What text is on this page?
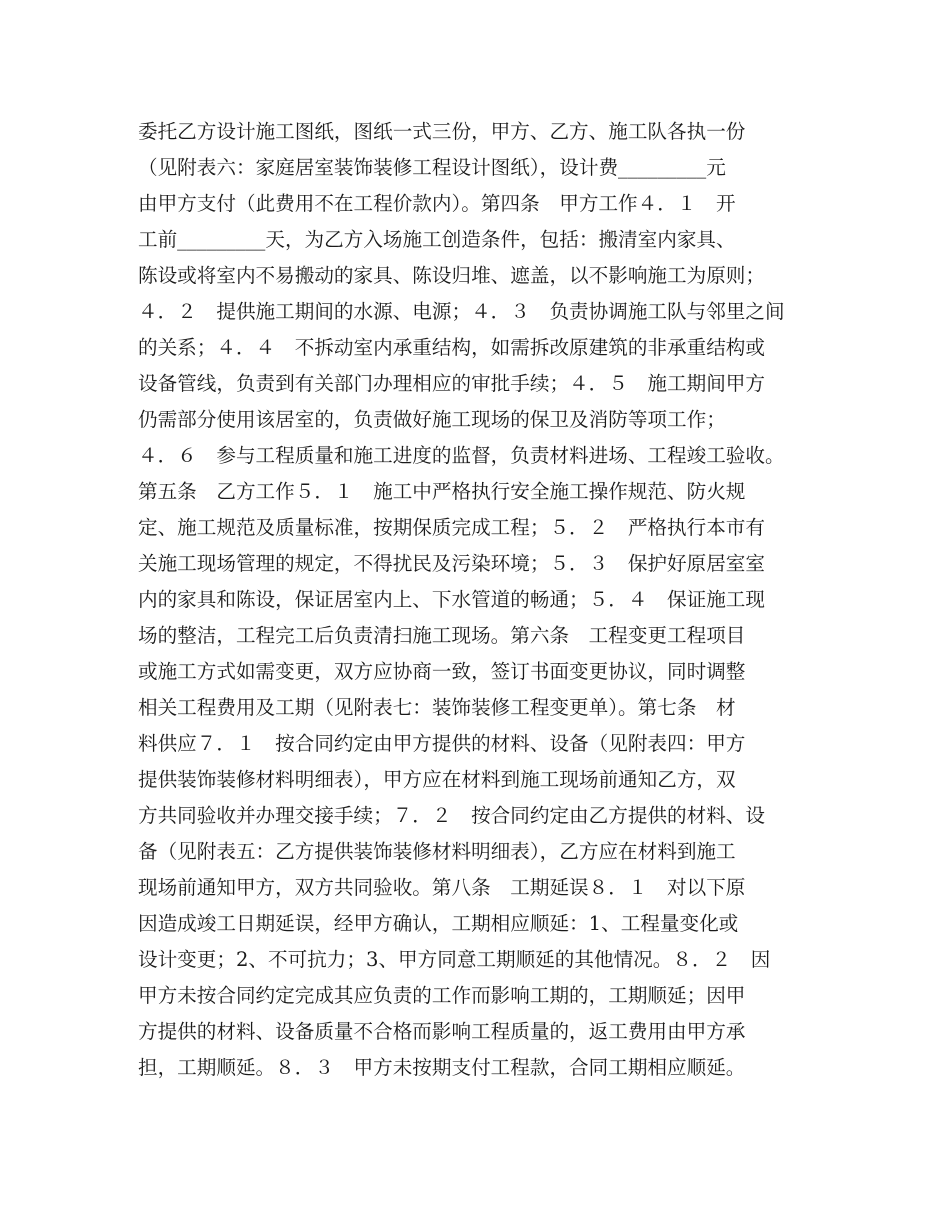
委托乙方设计施工图纸，图纸一式三份，甲方、乙方、施工队各执一份
（见附表六：家庭居室装饰装修工程设计图纸），设计费_________元
由甲方支付（此费用不在工程价款内）。第四条　甲方工作４．１　开
工前_________天，为乙方入场施工创造条件，包括：搬清室内家具、
陈设或将室内不易搬动的家具、陈设归堆、遮盖，以不影响施工为原则；
４．２　提供施工期间的水源、电源；４．３　负责协调施工队与邻里之间
的关系；４．４　不拆动室内承重结构，如需拆改原建筑的非承重结构或
设备管线，负责到有关部门办理相应的审批手续；４．５　施工期间甲方
仍需部分使用该居室的，负责做好施工现场的保卫及消防等项工作；
４．６　参与工程质量和施工进度的监督，负责材料进场、工程竣工验收。
第五条　乙方工作５．１　施工中严格执行安全施工操作规范、防火规
定、施工规范及质量标准，按期保质完成工程；５．２　严格执行本市有
关施工现场管理的规定，不得扰民及污染环境；５．３　保护好原居室室
内的家具和陈设，保证居室内上、下水管道的畅通；５．４　保证施工现
场的整洁，工程完工后负责清扫施工现场。第六条　工程变更工程项目
或施工方式如需变更，双方应协商一致，签订书面变更协议，同时调整
相关工程费用及工期（见附表七：装饰装修工程变更单）。第七条　材
料供应７．１　按合同约定由甲方提供的材料、设备（见附表四：甲方
提供装饰装修材料明细表），甲方应在材料到施工现场前通知乙方，双
方共同验收并办理交接手续；７．２　按合同约定由乙方提供的材料、设
备（见附表五：乙方提供装饰装修材料明细表），乙方应在材料到施工
现场前通知甲方，双方共同验收。第八条　工期延误８．１　对以下原
因造成竣工日期延误，经甲方确认，工期相应顺延：1、工程量变化或
设计变更；2、不可抗力；3、甲方同意工期顺延的其他情况。８．２　因
甲方未按合同约定完成其应负责的工作而影响工期的，工期顺延；因甲
方提供的材料、设备质量不合格而影响工程质量的，返工费用由甲方承
担，工期顺延。８．３　甲方未按期支付工程款，合同工期相应顺延。
